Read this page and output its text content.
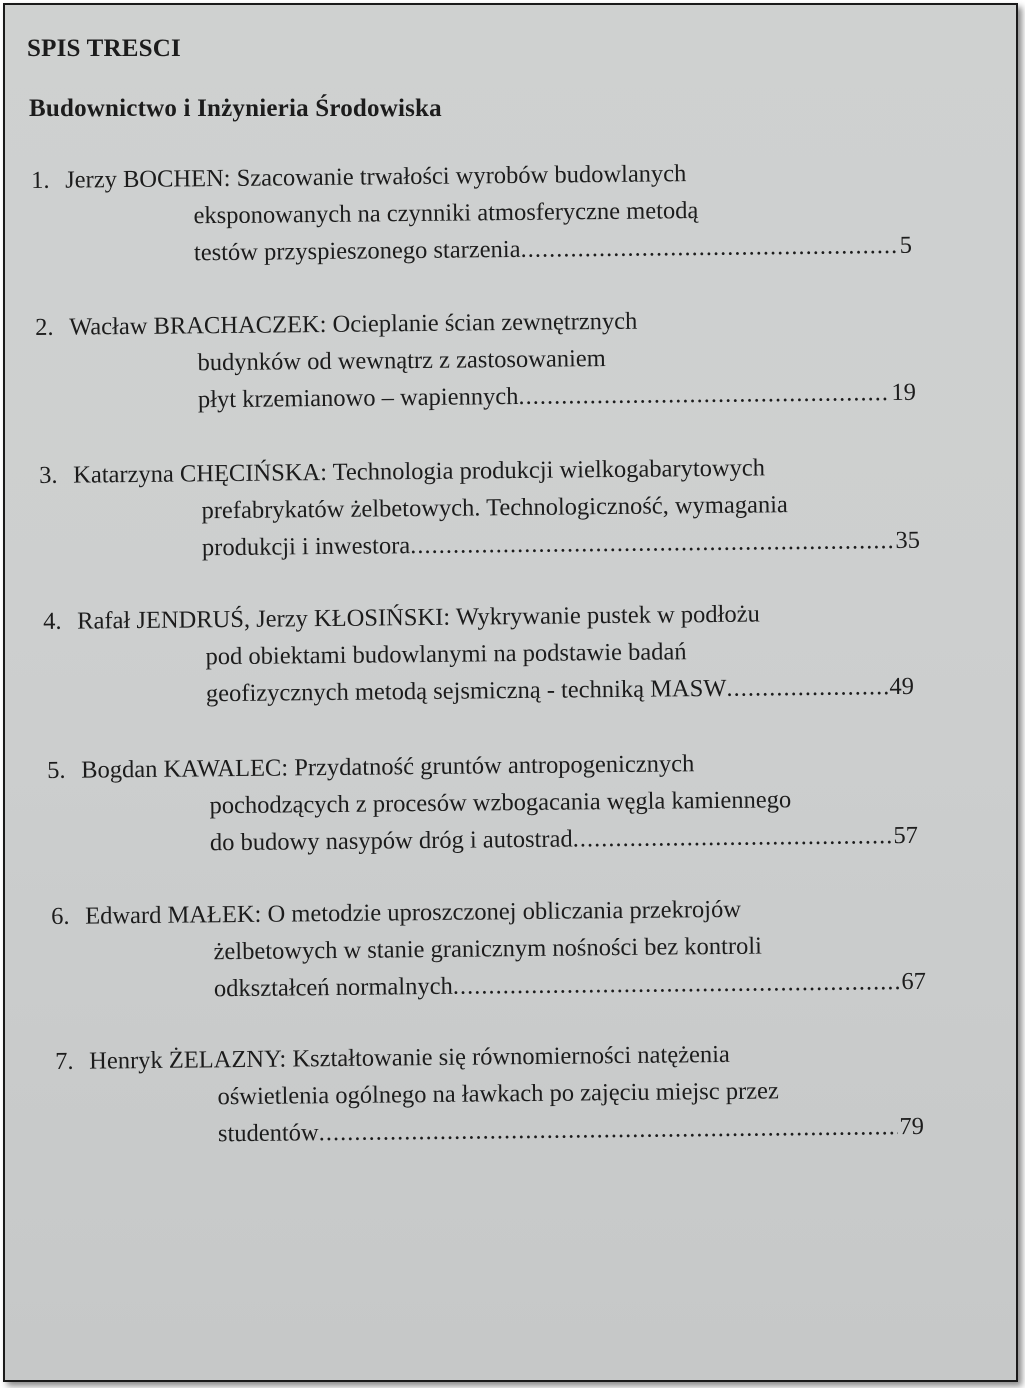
SPIS TRESCI
Budownictwo i Inżynieria Środowiska
1. Jerzy BOCHEN: Szacowanie trwałości wyrobów budowlanych
eksponowanych na czynniki atmosferyczne metodą
testów przyspieszonego starzenia .....	5
2. Wacław BRACHACZEK: Ocieplanie ścian zewnętrznych
budynków od wewnątrz z zastosowaniem
płyt krzemianowo – wapiennych .....	19
3. Katarzyna CHĘCIŃSKA: Technologia produkcji wielkogabarytowych
prefabrykatów żelbetowych. Technologiczność, wymagania
produkcji i inwestora .....	35
4. Rafał JENDRUŚ, Jerzy KŁOSIŃSKI: Wykrywanie pustek w podłożu
pod obiektami budowlanymi na podstawie badań
geofizycznych metodą sejsmiczną - techniką MASW .....	49
5. Bogdan KAWALEC: Przydatność gruntów antropogenicznych
pochodzących z procesów wzbogacania węgla kamiennego
do budowy nasypów dróg i autostrad .....	57
6. Edward MAŁEK: O metodzie uproszczonej obliczania przekrojów
żelbetowych w stanie granicznym nośności bez kontroli
odkształceń normalnych .....	67
7. Henryk ŻELAZNY: Kształtowanie się równomierności natężenia
oświetlenia ogólnego na ławkach po zajęciu miejsc przez
studentów .....	79
